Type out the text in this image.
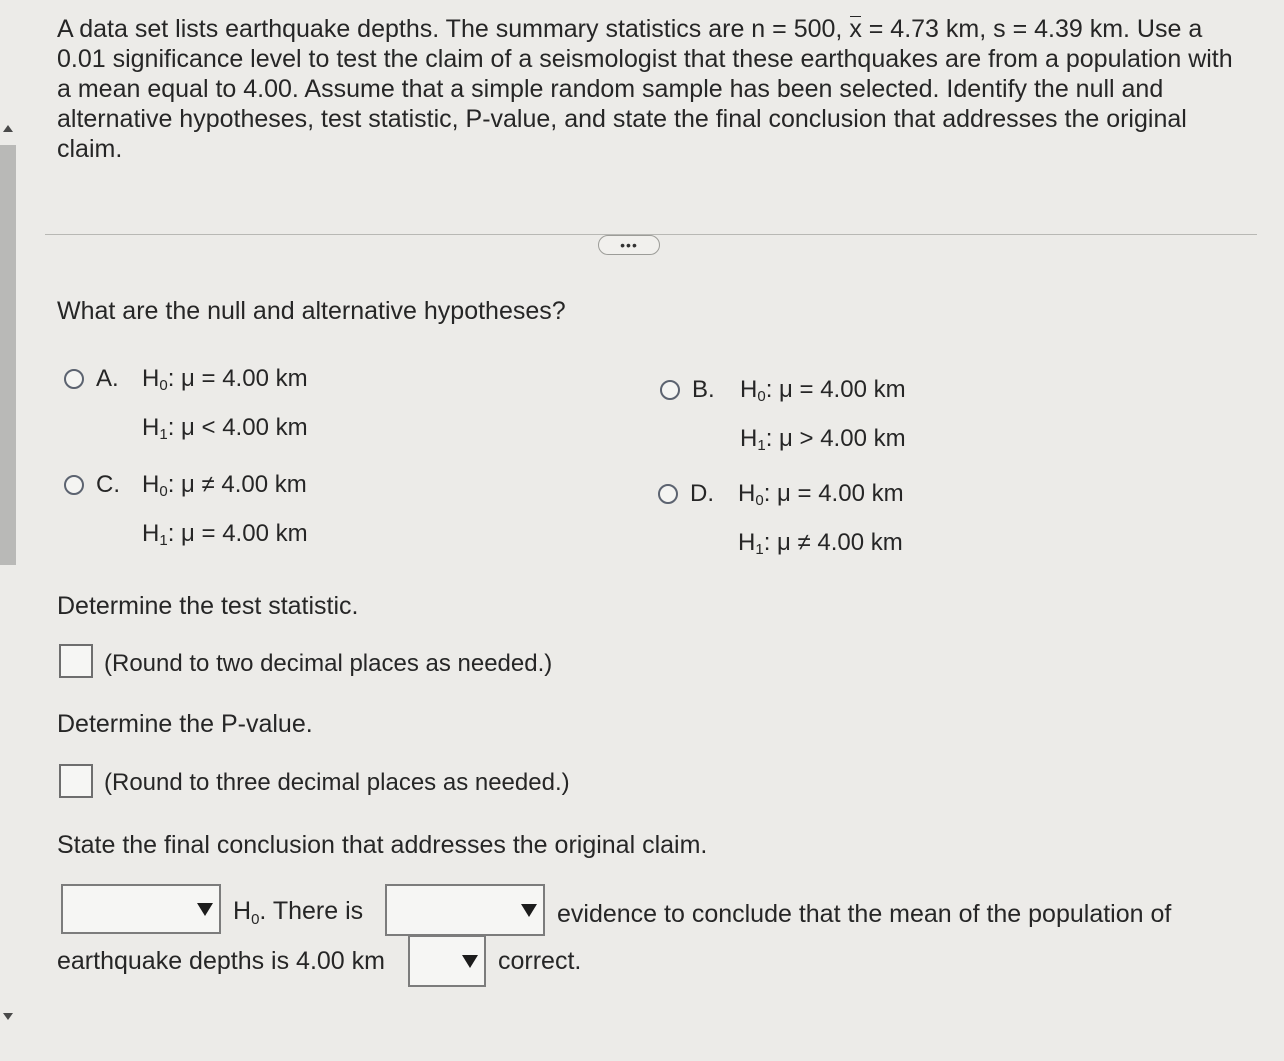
A data set lists earthquake depths. The summary statistics are n = 500, x = 4.73 km, s = 4.39 km. Use a 0.01 significance level to test the claim of a seismologist that these earthquakes are from a population with a mean equal to 4.00. Assume that a simple random sample has been selected. Identify the null and alternative hypotheses, test statistic, P-value, and state the final conclusion that addresses the original claim.
•••
What are the null and alternative hypotheses?
A. $H_0$: μ = 4.00 km
$H_1$: μ < 4.00 km
B. $H_0$: μ = 4.00 km
$H_1$: μ > 4.00 km
C. $H_0$: μ ≠ 4.00 km
$H_1$: μ = 4.00 km
D. $H_0$: μ = 4.00 km
$H_1$: μ ≠ 4.00 km
Determine the test statistic.
(Round to two decimal places as needed.)
Determine the P-value.
(Round to three decimal places as needed.)
State the final conclusion that addresses the original claim.
$H_0$. There is	evidence to conclude that the mean of the population of
earthquake depths is 4.00 km	correct.
